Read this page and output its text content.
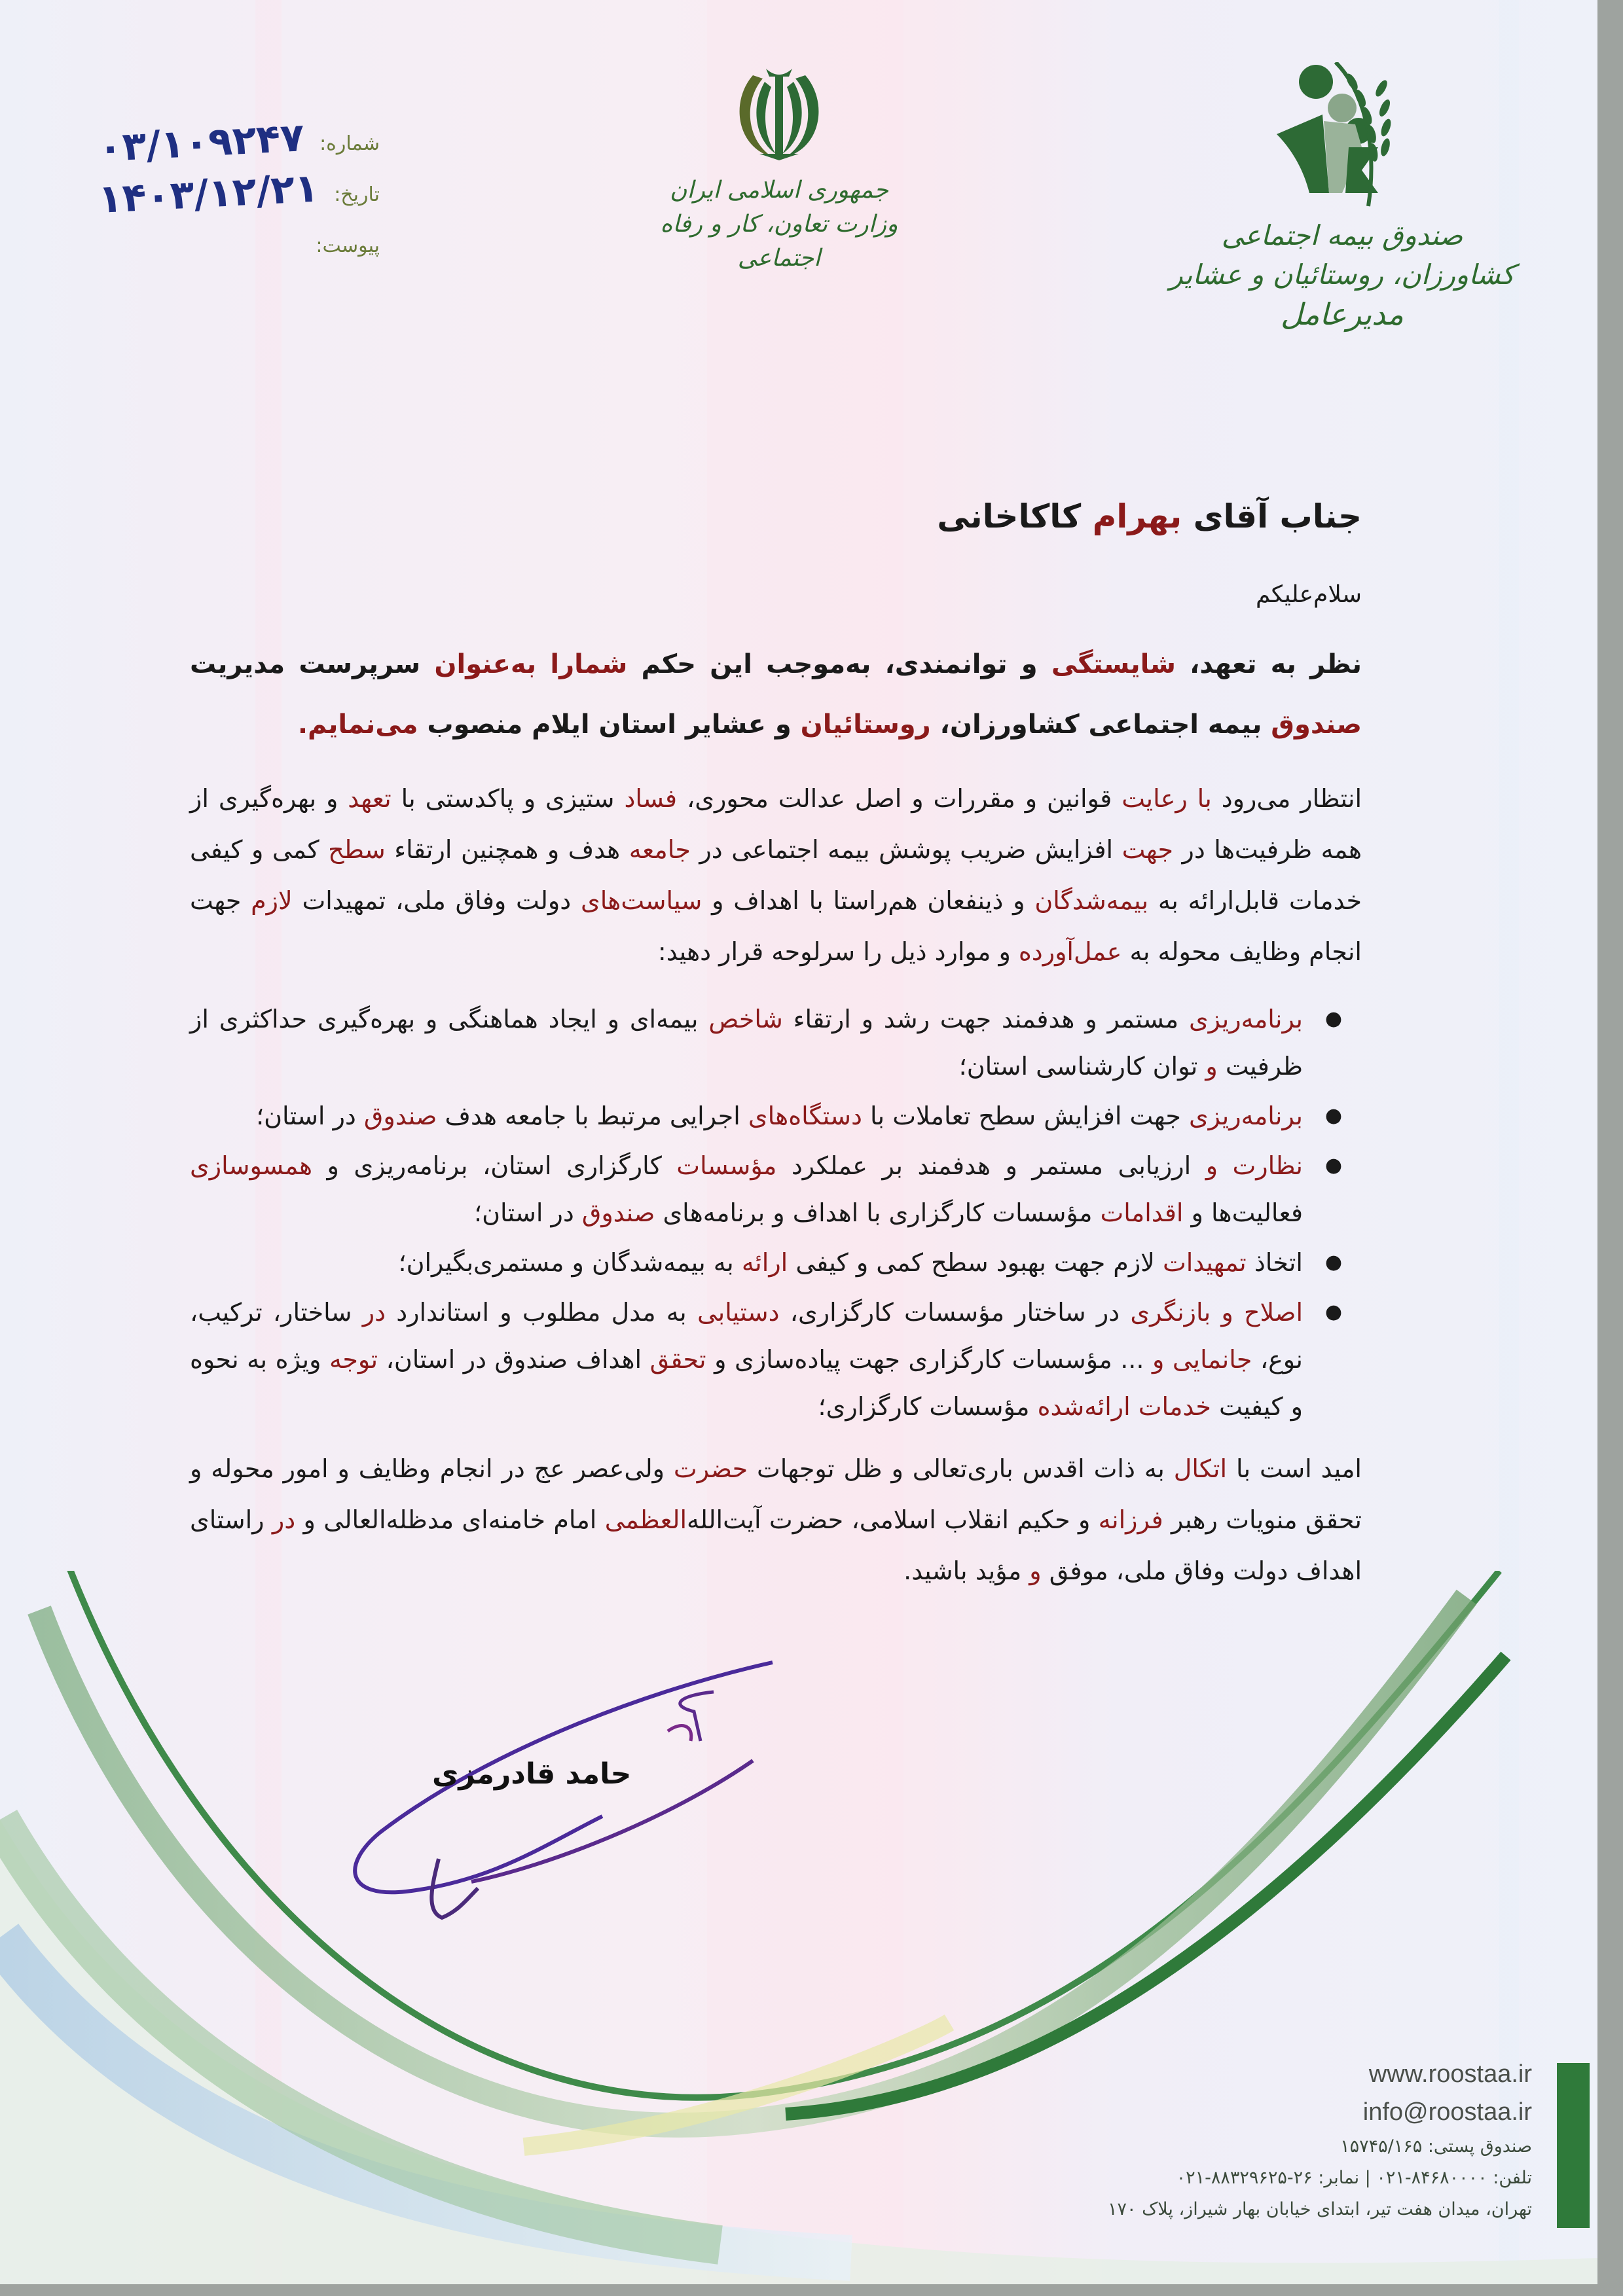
صندوق بیمه اجتماعی کشاورزان، روستائیان و عشایر
مدیرعامل
جمهوری اسلامی ایران
وزارت تعاون، کار و رفاه اجتماعی
شماره:
۰۳/۱۰۹۲۴۷
تاریخ:
۱۴۰۳/۱۲/۲۱
پیوست:
جناب آقای بهرام کاکاخانی
سلام‌علیکم

نظر به تعهد، شایستگی و توانمندی، به‌موجب این حکم شمارا به‌عنوان سرپرست مدیریت صندوق بیمه اجتماعی کشاورزان، روستائیان و عشایر استان ایلام منصوب می‌نمایم.

انتظار می‌رود با رعایت قوانین و مقررات و اصل عدالت محوری، فساد ستیزی و پاکدستی با تعهد و بهره‌گیری از همه ظرفیت‌ها در جهت افزایش ضریب پوشش بیمه اجتماعی در جامعه هدف و همچنین ارتقاء سطح کمی و کیفی خدمات قابل‌ارائه به بیمه‌شدگان و ذینفعان هم‌راستا با اهداف و سیاست‌های دولت وفاق ملی، تمهیدات لازم جهت انجام وظایف محوله به عمل‌آورده و موارد ذیل را سرلوحه قرار دهید:

●
برنامه‌ریزی مستمر و هدفمند جهت رشد و ارتقاء شاخص بیمه‌ای و ایجاد هماهنگی و بهره‌گیری حداکثری از ظرفیت و توان کارشناسی استان؛
●
برنامه‌ریزی جهت افزایش سطح تعاملات با دستگاه‌های اجرایی مرتبط با جامعه هدف صندوق در استان؛
●
نظارت و ارزیابی مستمر و هدفمند بر عملکرد مؤسسات کارگزاری استان، برنامه‌ریزی و همسوسازی فعالیت‌ها و اقدامات مؤسسات کارگزاری با اهداف و برنامه‌های صندوق در استان؛
●
اتخاذ تمهیدات لازم جهت بهبود سطح کمی و کیفی ارائه به بیمه‌شدگان و مستمری‌بگیران؛
●
اصلاح و بازنگری در ساختار مؤسسات کارگزاری، دستیابی به مدل مطلوب و استاندارد در ساختار، ترکیب، نوع، جانمایی و ... مؤسسات کارگزاری جهت پیاده‌سازی و تحقق اهداف صندوق در استان، توجه ویژه به نحوه و کیفیت خدمات ارائه‌شده مؤسسات کارگزاری؛

امید است با اتکال به ذات اقدس باری‌تعالی و ظل توجهات حضرت ولی‌عصر عج در انجام وظایف و امور محوله و تحقق منویات رهبر فرزانه و حکیم انقلاب اسلامی، حضرت آیت‌الله‌العظمی امام خامنه‌ای مدظله‌العالی و در راستای اهداف دولت وفاق ملی، موفق و مؤید باشید.

حامد قادرمزی
www.roostaa.ir
info@roostaa.ir
صندوق پستی: ۱۵۷۴۵/۱۶۵
تلفن: ۸۴۶۸۰۰۰۰-۰۲۱ | نمابر: ۲۶-۸۸۳۲۹۶۲۵-۰۲۱
تهران، میدان هفت تیر، ابتدای خیابان بهار شیراز، پلاک ۱۷۰
